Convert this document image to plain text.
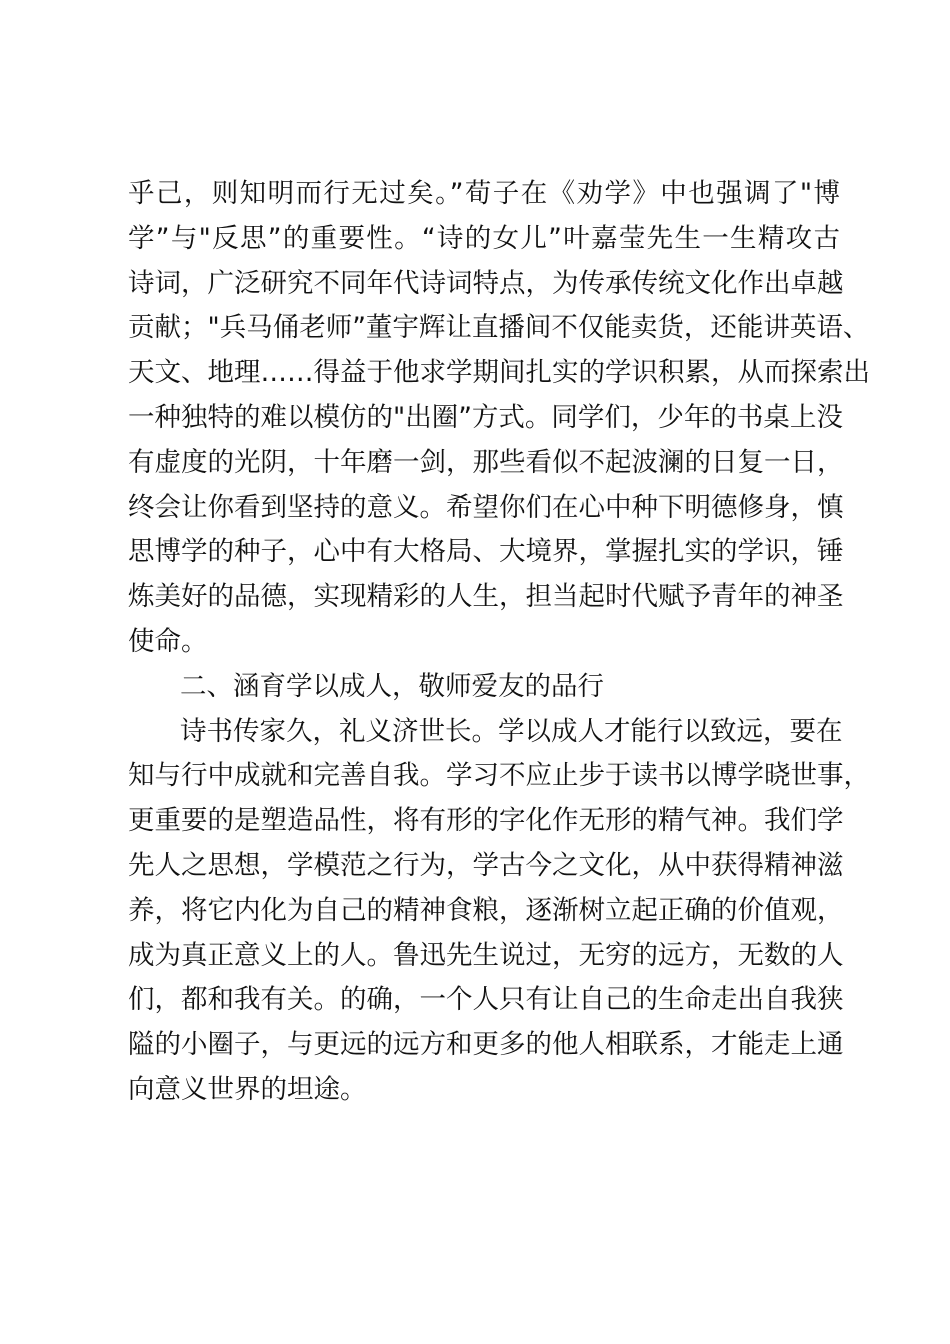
乎己，则知明而行无过矣。”荀子在《劝学》中也强调了"博
学”与"反思”的重要性。“诗的女儿”叶嘉莹先生一生精攻古
诗词，广泛研究不同年代诗词特点，为传承传统文化作出卓越
贡献；"兵马俑老师”董宇辉让直播间不仅能卖货，还能讲英语、
天文、地理……得益于他求学期间扎实的学识积累，从而探索出
一种独特的难以模仿的"出圈”方式。同学们，少年的书桌上没
有虚度的光阴，十年磨一剑，那些看似不起波澜的日复一日，
终会让你看到坚持的意义。希望你们在心中种下明德修身，慎
思博学的种子，心中有大格局、大境界，掌握扎实的学识，锤
炼美好的品德，实现精彩的人生，担当起时代赋予青年的神圣
使命。
二、涵育学以成人，敬师爱友的品行
诗书传家久，礼义济世长。学以成人才能行以致远，要在
知与行中成就和完善自我。学习不应止步于读书以博学晓世事，
更重要的是塑造品性，将有形的字化作无形的精气神。我们学
先人之思想，学模范之行为，学古今之文化，从中获得精神滋
养，将它内化为自己的精神食粮，逐渐树立起正确的价值观，
成为真正意义上的人。鲁迅先生说过，无穷的远方，无数的人
们，都和我有关。的确，一个人只有让自己的生命走出自我狭
隘的小圈子，与更远的远方和更多的他人相联系，才能走上通
向意义世界的坦途。
